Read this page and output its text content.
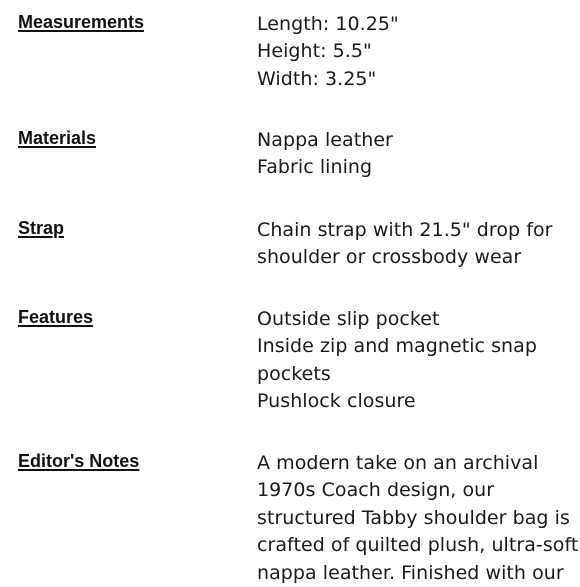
Measurements	Length: 10.25"
Height: 5.5"
Width: 3.25"
Materials	Nappa leather
Fabric lining
Strap	Chain strap with 21.5" drop for
shoulder or crossbody wear
Features	Outside slip pocket
Inside zip and magnetic snap
pockets
Pushlock closure
Editor's Notes	A modern take on an archival
1970s Coach design, our
structured Tabby shoulder bag is
crafted of quilted plush, ultra-soft
nappa leather. Finished with our
